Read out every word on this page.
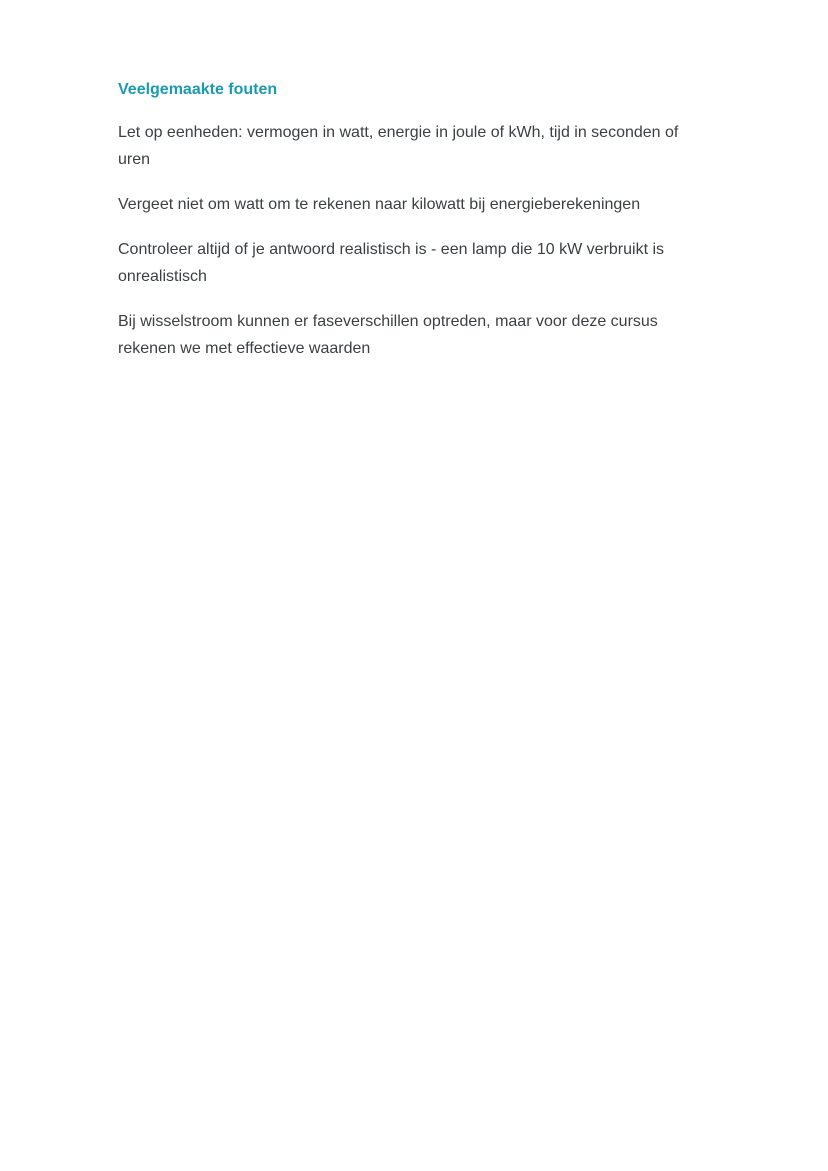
Veelgemaakte fouten
Let op eenheden: vermogen in watt, energie in joule of kWh, tijd in seconden of
uren
Vergeet niet om watt om te rekenen naar kilowatt bij energieberekeningen
Controleer altijd of je antwoord realistisch is - een lamp die 10 kW verbruikt is
onrealistisch
Bij wisselstroom kunnen er faseverschillen optreden, maar voor deze cursus
rekenen we met effectieve waarden
